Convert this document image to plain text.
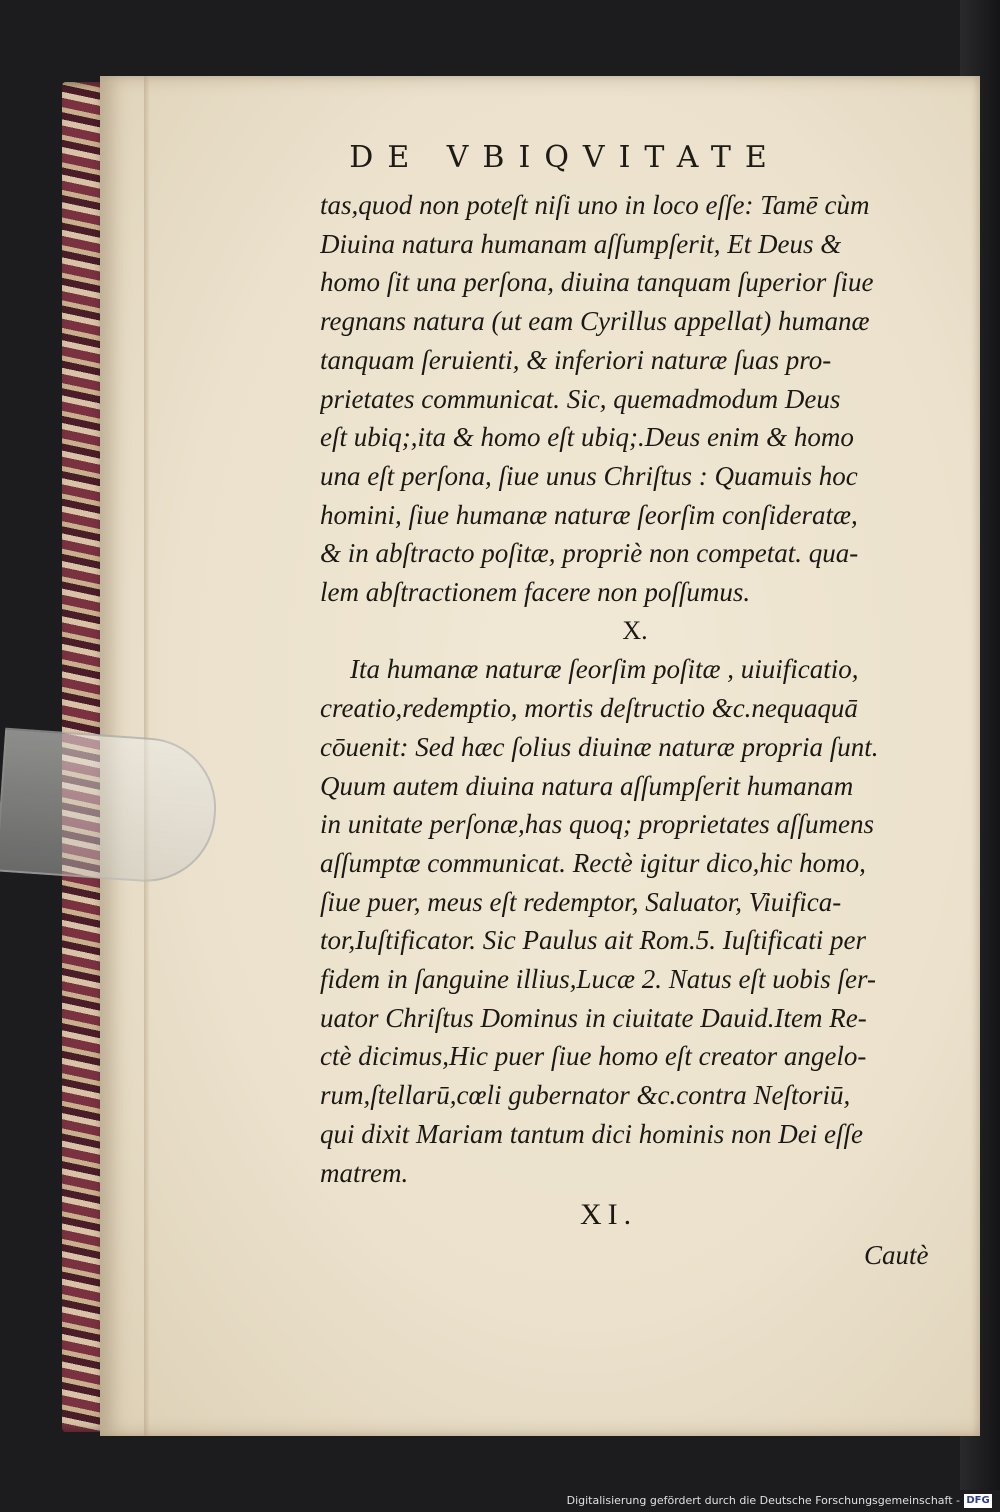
DE VBIQVITATE
tas,quod non poteſt niſi uno in loco eſſe: Tamē cùm
Diuina natura humanam aſſumpſerit, Et Deus &
homo ſit una perſona, diuina tanquam ſuperior ſiue
regnans natura (ut eam Cyrillus appellat) humanæ
tanquam ſeruienti, & inferiori naturæ ſuas pro-
prietates communicat. Sic, quemadmodum Deus
eſt ubiq;,ita & homo eſt ubiq;.Deus enim & homo
una eſt perſona, ſiue unus Chriſtus : Quamuis hoc
homini, ſiue humanæ naturæ ſeorſim conſideratæ,
& in abſtracto poſitæ, propriè non competat. qua-
lem abſtractionem facere non poſſumus.
X.
Ita humanæ naturæ ſeorſim poſitæ , uiuificatio,
creatio,redemptio, mortis deſtructio &c.nequaquā
cōuenit: Sed hæc ſolius diuinæ naturæ propria ſunt.
Quum autem diuina natura aſſumpſerit humanam
in unitate perſonæ,has quoq; proprietates aſſumens
aſſumptæ communicat. Rectè igitur dico,hic homo,
ſiue puer, meus eſt redemptor, Saluator, Viuifica-
tor,Iuſtificator. Sic Paulus ait Rom.5. Iuſtificati per
fidem in ſanguine illius,Lucæ 2. Natus eſt uobis ſer-
uator Chriſtus Dominus in ciuitate Dauid.Item Re-
ctè dicimus,Hic puer ſiue homo eſt creator angelo-
rum,ſtellarū,cœli gubernator &c.contra Neſtoriū,
qui dixit Mariam tantum dici hominis non Dei eſſe
matrem.
XI.
Cautè
Digitalisierung gefördert durch die Deutsche Forschungsgemeinschaft - DFG
